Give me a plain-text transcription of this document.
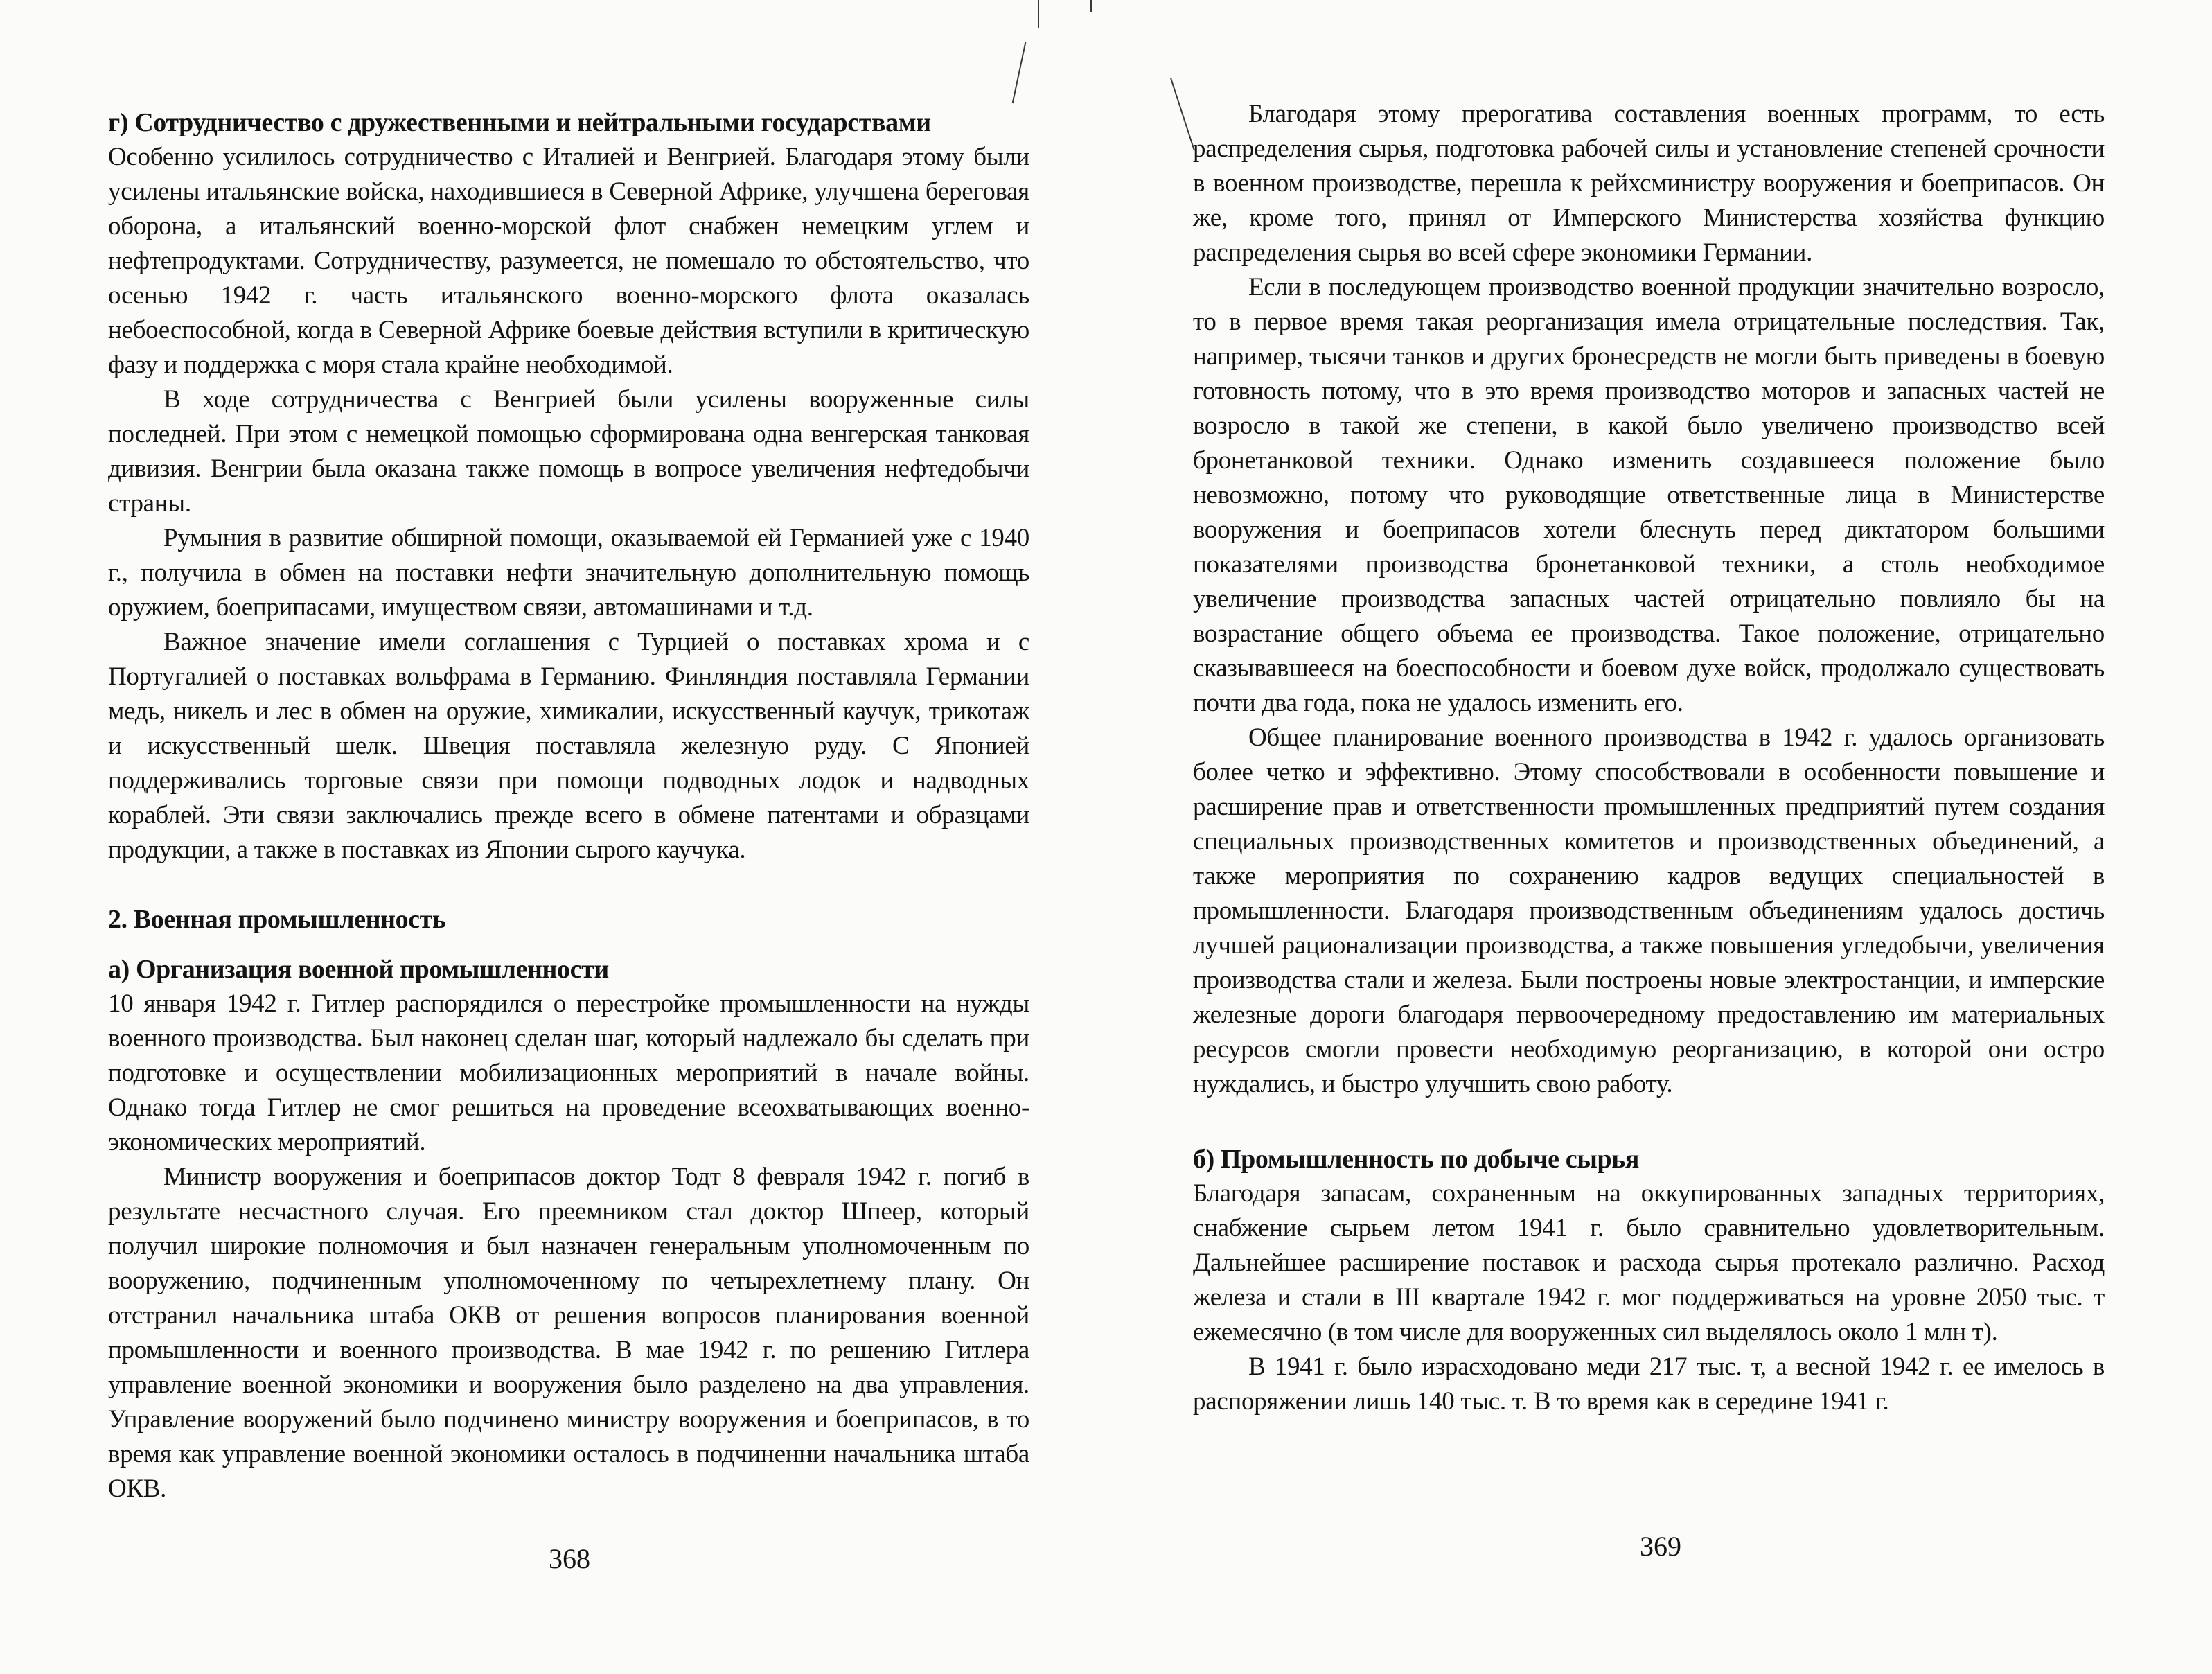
г) Сотрудничество с дружественными и нейтральными государствами

Особенно усилилось сотрудничество с Италией и Венгрией. Благодаря этому были усилены итальянские войска, находившиеся в Северной Африке, улучшена береговая оборона, а итальянский военно-морской флот снабжен немецким углем и нефтепродуктами. Сотрудничеству, разумеется, не помешало то обстоятельство, что осенью 1942 г. часть итальянского военно-морского флота оказалась небоеспособной, когда в Северной Африке боевые действия вступили в критическую фазу и поддержка с моря стала крайне необходимой.

В ходе сотрудничества с Венгрией были усилены вооруженные силы последней. При этом с немецкой помощью сформирована одна венгерская танковая дивизия. Венгрии была оказана также помощь в вопросе увеличения нефтедобычи страны.

Румыния в развитие обширной помощи, оказываемой ей Германией уже с 1940 г., получила в обмен на поставки нефти значительную дополнительную помощь оружием, боеприпасами, имуществом связи, автомашинами и т.д.

Важное значение имели соглашения с Турцией о поставках хрома и с Португалией о поставках вольфрама в Германию. Финляндия поставляла Германии медь, никель и лес в обмен на оружие, химикалии, искусственный каучук, трикотаж и искусственный шелк. Швеция поставляла железную руду. С Японией поддерживались торговые связи при помощи подводных лодок и надводных кораблей. Эти связи заключались прежде всего в обмене патентами и образцами продукции, а также в поставках из Японии сырого каучука.

2. Военная промышленность
а) Организация военной промышленности

10 января 1942 г. Гитлер распорядился о перестройке промышленности на нужды военного производства. Был наконец сделан шаг, который надлежало бы сделать при подготовке и осуществлении мобилизационных мероприятий в начале войны. Однако тогда Гитлер не смог решиться на проведение всеохватывающих военно-экономических мероприятий.

Министр вооружения и боеприпасов доктор Тодт 8 февраля 1942 г. погиб в результате несчастного случая. Его преемником стал доктор Шпеер, который получил широкие полномочия и был назначен генеральным уполномоченным по вооружению, подчиненным уполномоченному по четырехлетнему плану. Он отстранил начальника штаба ОКВ от решения вопросов планирования военной промышленности и военного производства. В мае 1942 г. по решению Гитлера управление военной экономики и вооружения было разделено на два управления. Управление вооружений было подчинено министру вооружения и боеприпасов, в то время как управление военной экономики осталось в подчиненни начальника штаба ОКВ.

368

Благодаря этому прерогатива составления военных программ, то есть распределения сырья, подготовка рабочей силы и установление степеней срочности в военном производстве, перешла к рейхсминистру вооружения и боеприпасов. Он же, кроме того, принял от Имперского Министерства хозяйства функцию распределения сырья во всей сфере экономики Германии.

Если в последующем производство военной продукции значительно возросло, то в первое время такая реорганизация имела отрицательные последствия. Так, например, тысячи танков и других бронесредств не могли быть приведены в боевую готовность потому, что в это время производство моторов и запасных частей не возросло в такой же степени, в какой было увеличено производство всей бронетанковой техники. Однако изменить создавшееся положение было невозможно, потому что руководящие ответственные лица в Министерстве вооружения и боеприпасов хотели блеснуть перед диктатором большими показателями производства бронетанковой техники, а столь необходимое увеличение производства запасных частей отрицательно повлияло бы на возрастание общего объема ее производства. Такое положение, отрицательно сказывавшееся на боеспособности и боевом духе войск, продолжало существовать почти два года, пока не удалось изменить его.

Общее планирование военного производства в 1942 г. удалось организовать более четко и эффективно. Этому способствовали в особенности повышение и расширение прав и ответственности промышленных предприятий путем создания специальных производственных комитетов и производственных объединений, а также мероприятия по сохранению кадров ведущих специальностей в промышленности. Благодаря производственным объединениям удалось достичь лучшей рационализации производства, а также повышения угледобычи, увеличения производства стали и железа. Были построены новые электростанции, и имперские железные дороги благодаря первоочередному предоставлению им материальных ресурсов смогли провести необходимую реорганизацию, в которой они остро нуждались, и быстро улучшить свою работу.

б) Промышленность по добыче сырья

Благодаря запасам, сохраненным на оккупированных западных территориях, снабжение сырьем летом 1941 г. было сравнительно удовлетворительным. Дальнейшее расширение поставок и расхода сырья протекало различно. Расход железа и стали в III квартале 1942 г. мог поддерживаться на уровне 2050 тыс. т ежемесячно (в том числе для вооруженных сил выделялось около 1 млн т).

В 1941 г. было израсходовано меди 217 тыс. т, а весной 1942 г. ее имелось в распоряжении лишь 140 тыс. т. В то время как в середине 1941 г.

369
